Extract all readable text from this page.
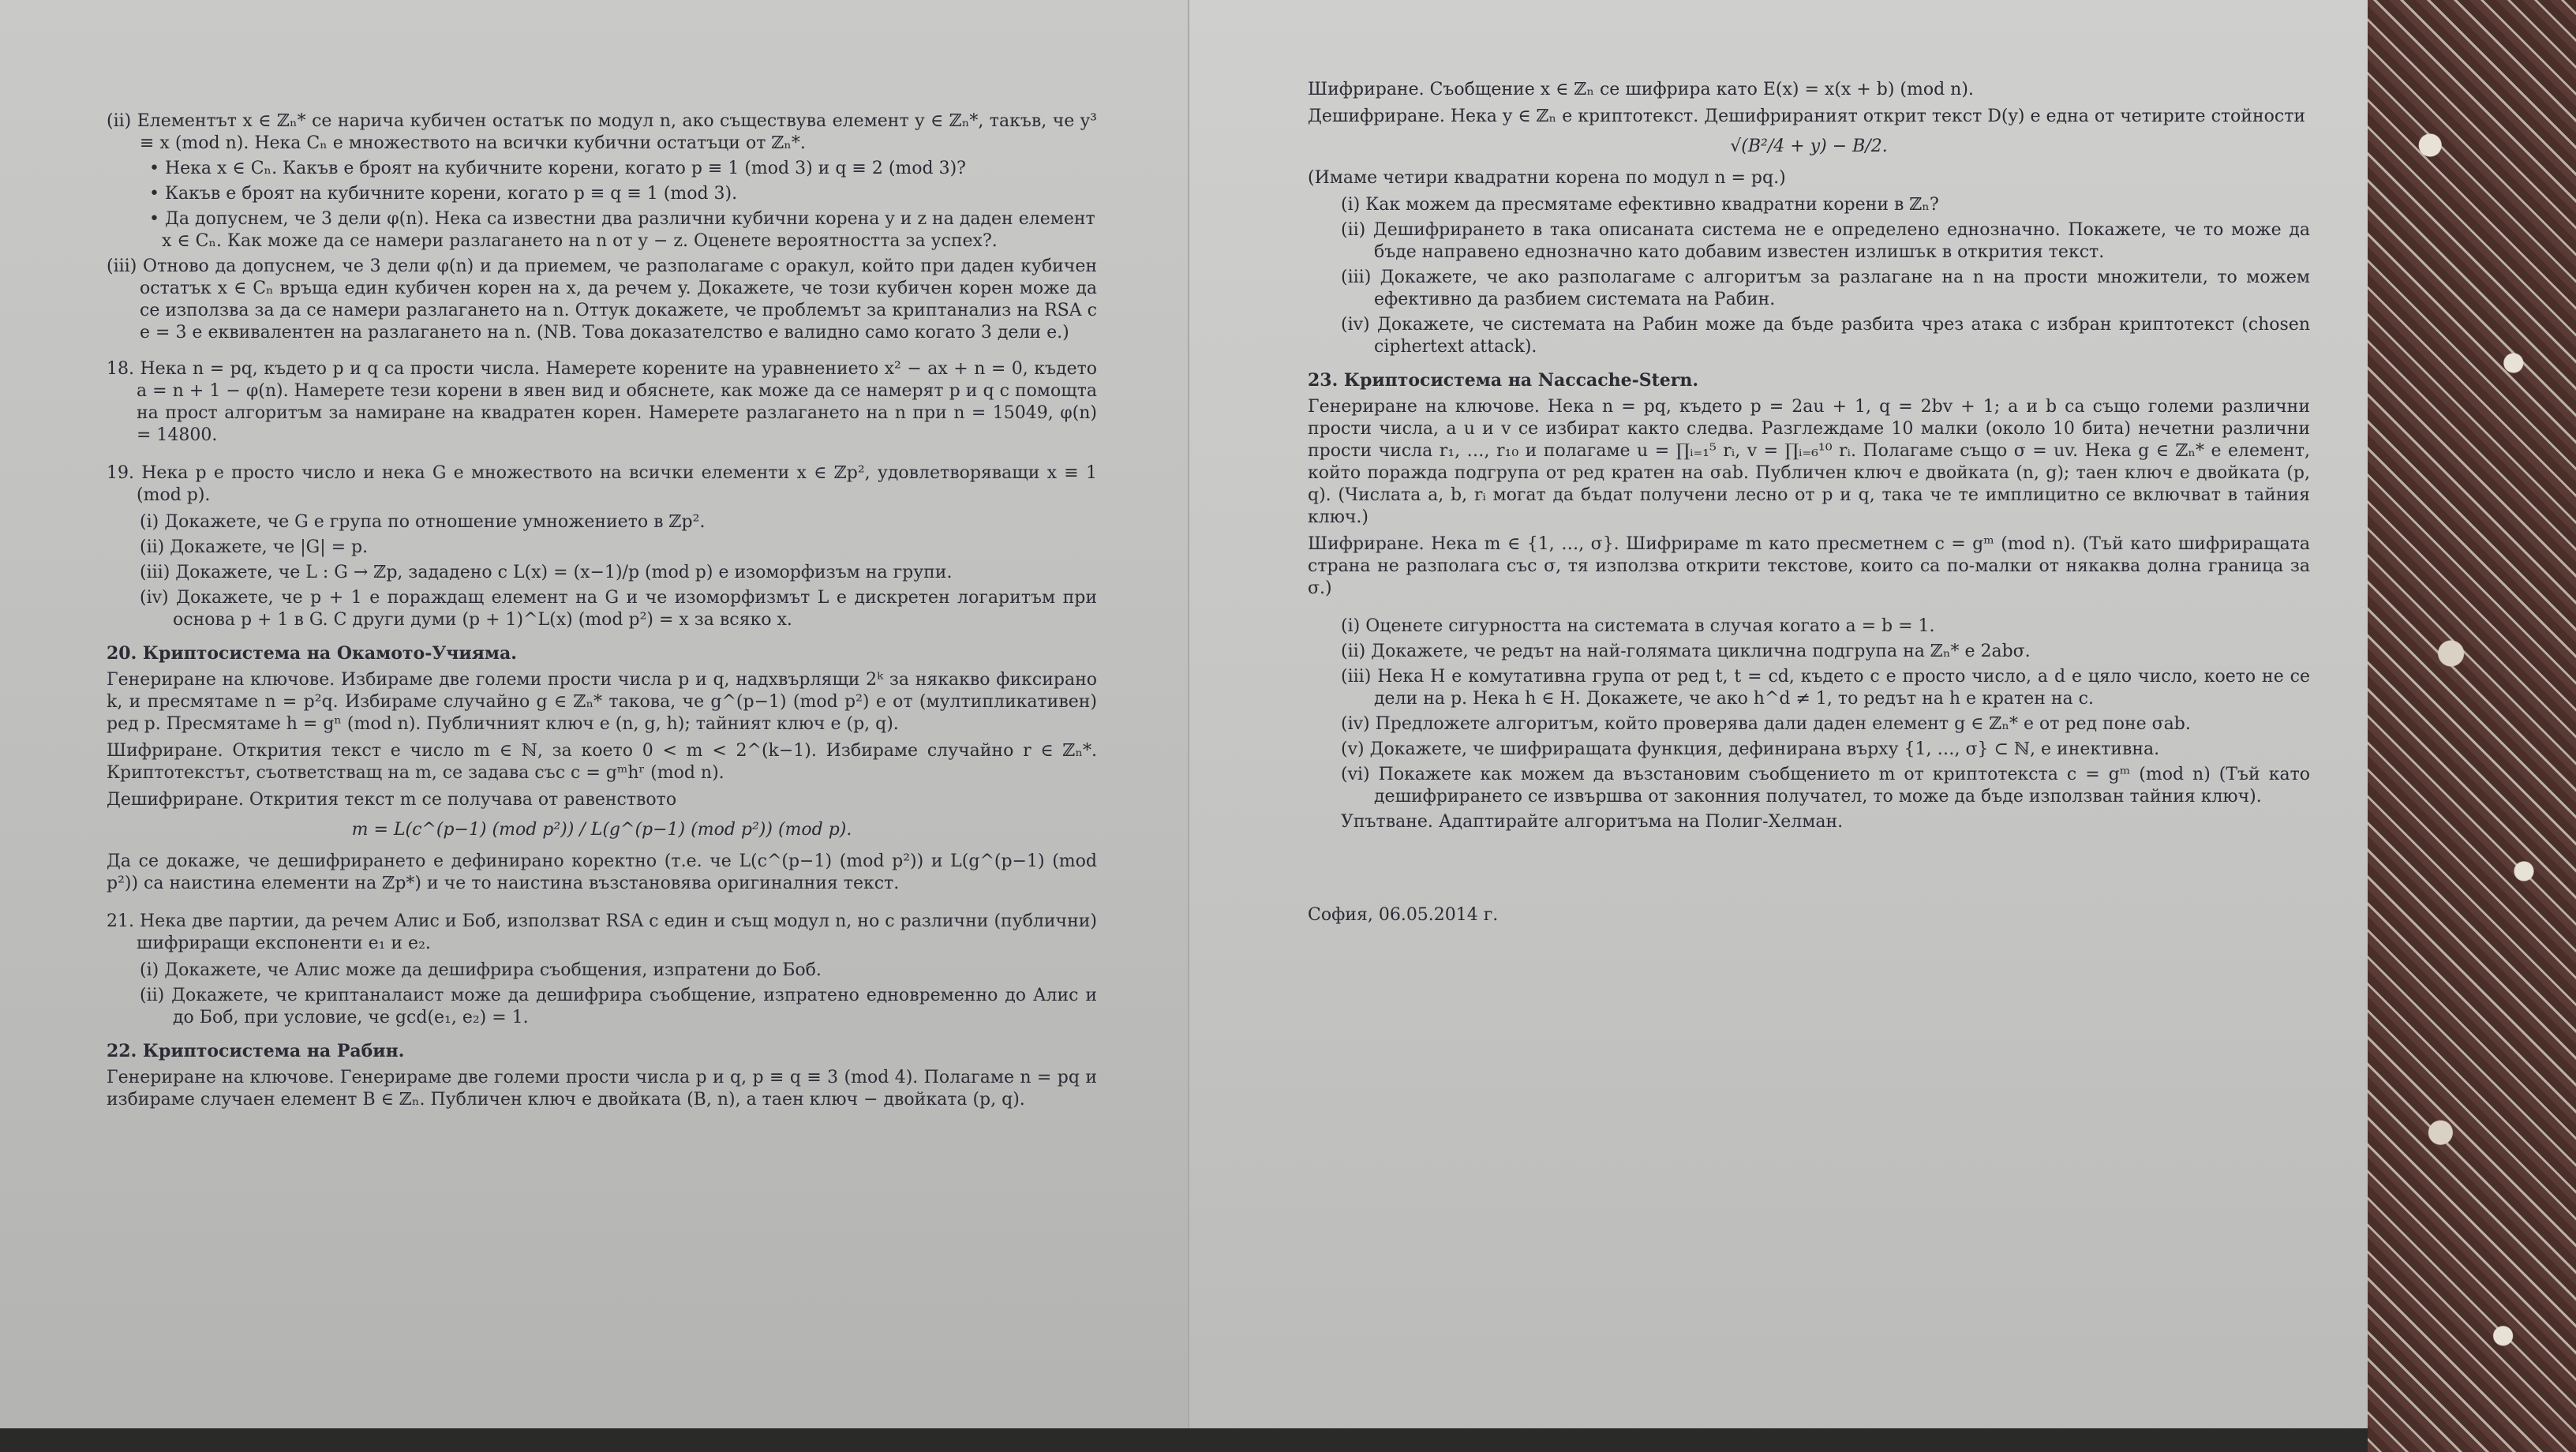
(ii) Елементът x ∈ ℤₙ* се нарича кубичен остатък по модул n, ако съществува елемент y ∈ ℤₙ*, такъв, че y³ ≡ x (mod n). Нека Cₙ е множеството на всички кубични остатъци от ℤₙ*.

• Нека x ∈ Cₙ. Какъв е броят на кубичните корени, когато p ≡ 1 (mod 3) и q ≡ 2 (mod 3)?

• Какъв е броят на кубичните корени, когато p ≡ q ≡ 1 (mod 3).

• Да допуснем, че 3 дели φ(n). Нека са известни два различни кубични корена y и z на даден елемент x ∈ Cₙ. Как може да се намери разлагането на n от y − z. Оценете вероятността за успех?.

(iii) Отново да допуснем, че 3 дели φ(n) и да приемем, че разполагаме с оракул, който при даден кубичен остатък x ∈ Cₙ връща един кубичен корен на x, да речем y. Докажете, че този кубичен корен може да се използва за да се намери разлагането на n. Оттук докажете, че проблемът за криптанализ на RSA с e = 3 е еквивалентен на разлагането на n. (NB. Това доказателство е валидно само когато 3 дели e.)

18. Нека n = pq, където p и q са прости числа. Намерете корените на уравнението x² − ax + n = 0, където a = n + 1 − φ(n). Намерете тези корени в явен вид и обяснете, как може да се намерят p и q с помощта на прост алгоритъм за намиране на квадратен корен. Намерете разлагането на n при n = 15049, φ(n) = 14800.

19. Нека p е просто число и нека G е множеството на всички елементи x ∈ ℤp², удовлетворяващи x ≡ 1 (mod p).

(i) Докажете, че G е група по отношение умножението в ℤp².

(ii) Докажете, че |G| = p.

(iii) Докажете, че L : G → ℤp, зададено с L(x) = (x−1)/p (mod p) е изоморфизъм на групи.

(iv) Докажете, че p + 1 е пораждащ елемент на G и че изоморфизмът L е дискретен логаритъм при основа p + 1 в G. С други думи (p + 1)^L(x) (mod p²) = x за всяко x.

20. Криптосистема на Окамото-Учияма.

Генериране на ключове. Избираме две големи прости числа p и q, надхвърлящи 2ᵏ за някакво фиксирано k, и пресмятаме n = p²q. Избираме случайно g ∈ ℤₙ* такова, че g^(p−1) (mod p²) е от (мултипликативен) ред p. Пресмятаме h = gⁿ (mod n). Публичният ключ е (n, g, h); тайният ключ е (p, q).

Шифриране. Открития текст е число m ∈ ℕ, за което 0 < m < 2^(k−1). Избираме случайно r ∈ ℤₙ*. Криптотекстът, съответстващ на m, се задава със c = gᵐhʳ (mod n).

Дешифриране. Открития текст m се получава от равенството

m = L(c^(p−1) (mod p²)) / L(g^(p−1) (mod p²)) (mod p).

Да се докаже, че дешифрирането е дефинирано коректно (т.е. че L(c^(p−1) (mod p²)) и L(g^(p−1) (mod p²)) са наистина елементи на ℤp*) и че то наистина възстановява оригиналния текст.

21. Нека две партии, да речем Алис и Боб, използват RSA с един и същ модул n, но с различни (публични) шифриращи експоненти e₁ и e₂.

(i) Докажете, че Алис може да дешифрира съобщения, изпратени до Боб.

(ii) Докажете, че криптаналаист може да дешифрира съобщение, изпратено едновременно до Алис и до Боб, при условие, че gcd(e₁, e₂) = 1.

22. Криптосистема на Рабин.

Генериране на ключове. Генерираме две големи прости числа p и q, p ≡ q ≡ 3 (mod 4). Полагаме n = pq и избираме случаен елемент B ∈ ℤₙ. Публичен ключ е двойката (B, n), а таен ключ − двойката (p, q).

Шифриране. Съобщение x ∈ ℤₙ се шифрира като E(x) = x(x + b) (mod n).

Дешифриране. Нека y ∈ ℤₙ е криптотекст. Дешифрираният открит текст D(y) е една от четирите стойности

√(B²/4 + y) − B/2.

(Имаме четири квадратни корена по модул n = pq.)

(i) Как можем да пресмятаме ефективно квадратни корени в ℤₙ?

(ii) Дешифрирането в така описаната система не е определено еднозначно. Покажете, че то може да бъде направено еднозначно като добавим известен излишък в открития текст.

(iii) Докажете, че ако разполагаме с алгоритъм за разлагане на n на прости множители, то можем ефективно да разбием системата на Рабин.

(iv) Докажете, че системата на Рабин може да бъде разбита чрез атака с избран криптотекст (chosen ciphertext attack).

23. Криптосистема на Naccache-Stern.

Генериране на ключове. Нека n = pq, където p = 2au + 1, q = 2bv + 1; a и b са също големи различни прости числа, а u и v се избират както следва. Разглеждаме 10 малки (около 10 бита) нечетни различни прости числа r₁, …, r₁₀ и полагаме u = ∏ᵢ₌₁⁵ rᵢ, v = ∏ᵢ₌₆¹⁰ rᵢ. Полагаме също σ = uv. Нека g ∈ ℤₙ* е елемент, който поражда подгрупа от ред кратен на σab. Публичен ключ е двойката (n, g); таен ключ е двойката (p, q). (Числата a, b, rᵢ могат да бъдат получени лесно от p и q, така че те имплицитно се включват в тайния ключ.)

Шифриране. Нека m ∈ {1, …, σ}. Шифрираме m като пресметнем c = gᵐ (mod n). (Тъй като шифриращата страна не разполага със σ, тя използва открити текстове, които са по-малки от някаква долна граница за σ.)

(i) Оценете сигурността на системата в случая когато a = b = 1.

(ii) Докажете, че редът на най-голямата циклична подгрупа на ℤₙ* е 2abσ.

(iii) Нека H е комутативна група от ред t, t = cd, където c е просто число, а d е цяло число, което не се дели на p. Нека h ∈ H. Докажете, че ако h^d ≠ 1, то редът на h е кратен на c.

(iv) Предложете алгоритъм, който проверява дали даден елемент g ∈ ℤₙ* е от ред поне σab.

(v) Докажете, че шифриращата функция, дефинирана върху {1, …, σ} ⊂ ℕ, е инективна.

(vi) Покажете как можем да възстановим съобщението m от криптотекста c = gᵐ (mod n) (Тъй като дешифрирането се извършва от законния получател, то може да бъде използван тайния ключ).

Упътване. Адаптирайте алгоритъма на Полиг-Хелман.

София, 06.05.2014 г.
